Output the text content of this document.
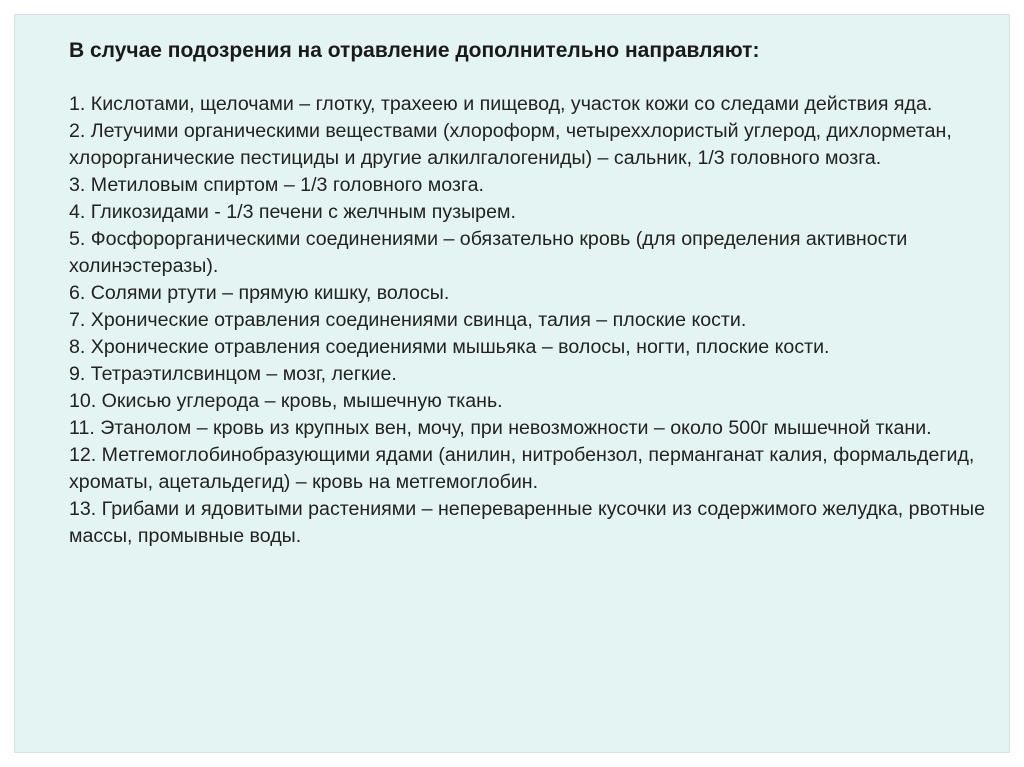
В случае подозрения на отравление дополнительно направляют:

1. Кислотами, щелочами – глотку, трахеею и пищевод, участок кожи со следами действия яда.
2. Летучими органическими веществами (хлороформ, четыреххлористый углерод, дихлорметан, хлорорганические пестициды и другие алкилгалогениды) – сальник, 1/3 головного мозга.
3. Метиловым спиртом – 1/3 головного мозга.
4. Гликозидами - 1/3 печени с желчным пузырем.
5. Фосфорорганическими соединениями – обязательно кровь (для определения активности холинэстеразы).
6. Солями ртути – прямую кишку, волосы.
7. Хронические отравления соединениями свинца, талия – плоские кости.
8. Хронические отравления соедиениями мышьяка – волосы, ногти, плоские кости.
9. Тетраэтилсвинцом – мозг, легкие.
10. Окисью углерода – кровь, мышечную ткань.
11. Этанолом – кровь из крупных вен, мочу, при невозможности – около 500г мышечной ткани.
12. Метгемоглобинобразующими ядами (анилин, нитробензол, перманганат калия, формальдегид, хроматы, ацетальдегид) – кровь на метгемоглобин.
13. Грибами и ядовитыми растениями – непереваренные кусочки из содержимого желудка, рвотные массы, промывные воды.
